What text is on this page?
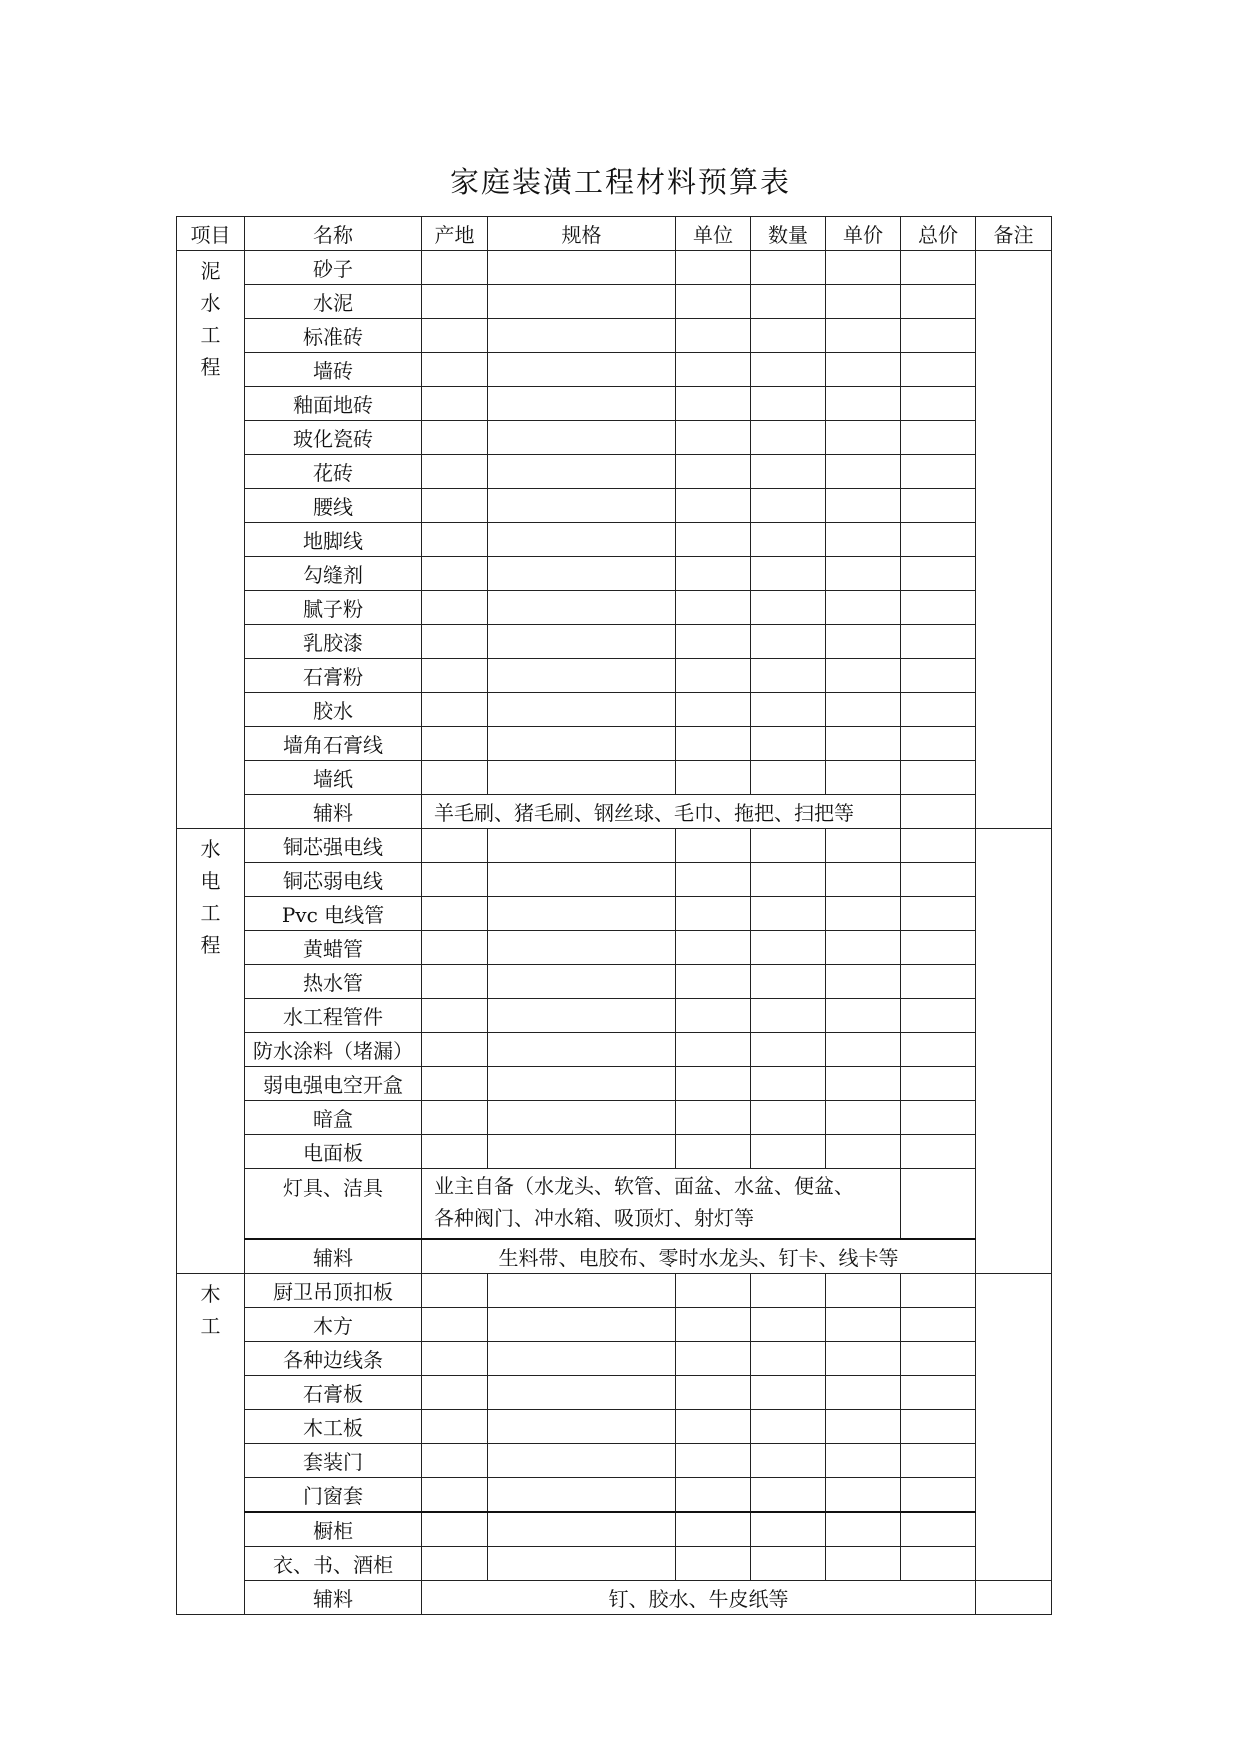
家庭装潢工程材料预算表
项目	名称	产地	规格	单位	数量	单价	总价	备注

泥
水
工
程	砂子							
	水泥							
	标准砖							
	墙砖							
	釉面地砖							
	玻化瓷砖							
	花砖							
	腰线							
	地脚线							
	勾缝剂							
	腻子粉							
	乳胶漆							
	石膏粉							
	胶水							
	墙角石膏线							
	墙纸							
	辅料	羊毛刷、猪毛刷、钢丝球、毛巾、拖把、扫把等						

水
电
工
程	铜芯强电线							
	铜芯弱电线							
	Pvc 电线管							
	黄蜡管							
	热水管							
	水工程管件							
	防水涂料（堵漏）							
	弱电强电空开盒							
	暗盒							
	电面板							
	灯具、洁具	业主自备（水龙头、软管、面盆、水盆、便盆、
各种阀门、冲水箱、吸顶灯、射灯等						

	辅料	生料带、电胶布、零时水龙头、钉卡、线卡等						

木
工	厨卫吊顶扣板							
	木方							
	各种边线条							
	石膏板							
	木工板							
	套装门							
	门窗套							
	橱柜							
	衣、书、酒柜							
	辅料	钉、胶水、牛皮纸等						
